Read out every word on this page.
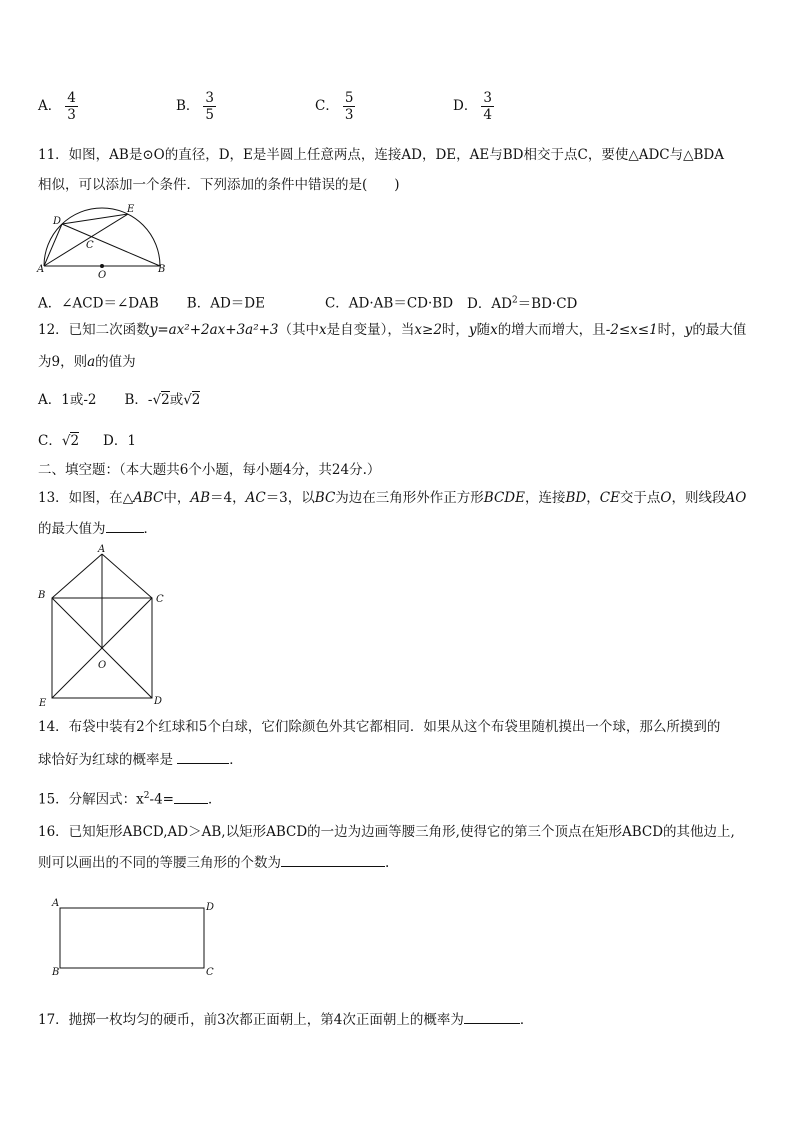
A． $\frac{4}{3}$	B． $\frac{3}{5}$	C． $\frac{5}{3}$	D． $\frac{3}{4}$
11．如图，AB是⊙O的直径，D，E是半圆上任意两点，连接AD，DE，AE与BD相交于点C，要使△ADC与△BDA
相似，可以添加一个条件．下列添加的条件中错误的是(　　)
D
E
C
A
O
B
A．∠ACD＝∠DAB B．AD＝DE	C．AD·AB＝CD·BD D．$AD^2=BD\cdot CD$
12．已知二次函数y=ax²+2ax+3a²+3（其中x是自变量），当x≥2时，y随x的增大而增大，且-2≤x≤1时，y的最大值
为9，则a的值为
A．1或-2 B．-√2或√2
C．√2 D．1
二、填空题：（本大题共6个小题，每小题4分，共24分.）
13．如图，在△ABC中，AB＝4，AC＝3，以BC为边在三角形外作正方形BCDE，连接BD，CE交于点O，则线段AO
的最大值为	．
A
B	C
O
E	D
14．布袋中装有2个红球和5个白球，它们除颜色外其它都相同．如果从这个布袋里随机摸出一个球，那么所摸到的
球恰好为红球的概率是	．
15．分解因式：$x^2-4=$	．
16．已知矩形ABCD,AD＞AB,以矩形ABCD的一边为边画等腰三角形,使得它的第三个顶点在矩形ABCD的其他边上,
则可以画出的不同的等腰三角形的个数为	.
A	D
B	C
17．抛掷一枚均匀的硬币，前3次都正面朝上，第4次正面朝上的概率为	．
